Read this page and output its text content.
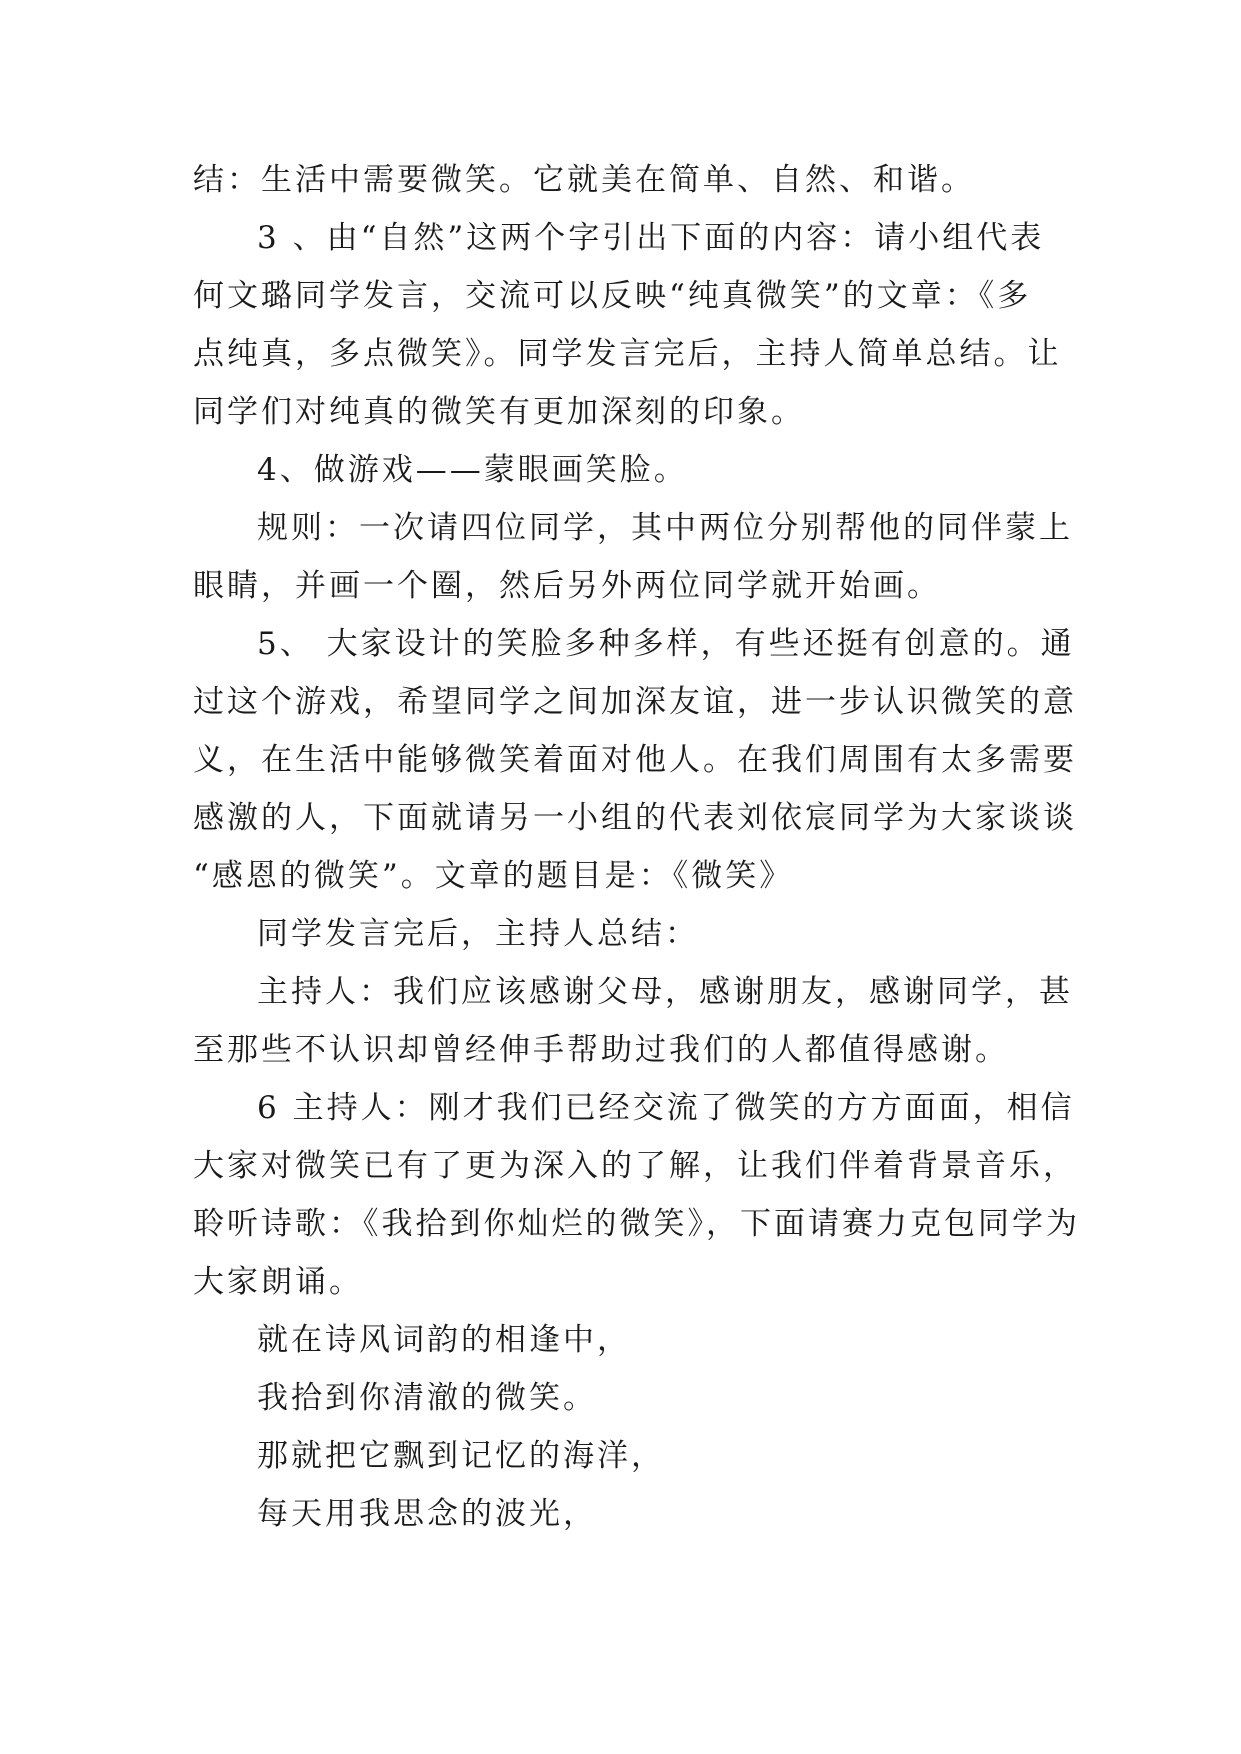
结：生活中需要微笑。它就美在简单、自然、和谐。
3 、由“自然”这两个字引出下面的内容：请小组代表
何文璐同学发言，交流可以反映“纯真微笑”的文章：《多
点纯真，多点微笑》。同学发言完后，主持人简单总结。让
同学们对纯真的微笑有更加深刻的印象。
4、做游戏——蒙眼画笑脸。
规则：一次请四位同学，其中两位分别帮他的同伴蒙上
眼睛，并画一个圈，然后另外两位同学就开始画。
5、 大家设计的笑脸多种多样，有些还挺有创意的。通
过这个游戏，希望同学之间加深友谊，进一步认识微笑的意
义，在生活中能够微笑着面对他人。在我们周围有太多需要
感激的人，下面就请另一小组的代表刘依宸同学为大家谈谈
“感恩的微笑”。文章的题目是：《微笑》
同学发言完后，主持人总结：
主持人：我们应该感谢父母，感谢朋友，感谢同学，甚
至那些不认识却曾经伸手帮助过我们的人都值得感谢。
6 主持人：刚才我们已经交流了微笑的方方面面，相信
大家对微笑已有了更为深入的了解，让我们伴着背景音乐，
聆听诗歌：《我拾到你灿烂的微笑》，下面请赛力克包同学为
大家朗诵。
就在诗风词韵的相逢中，
我拾到你清澈的微笑。
那就把它飘到记忆的海洋，
每天用我思念的波光，
